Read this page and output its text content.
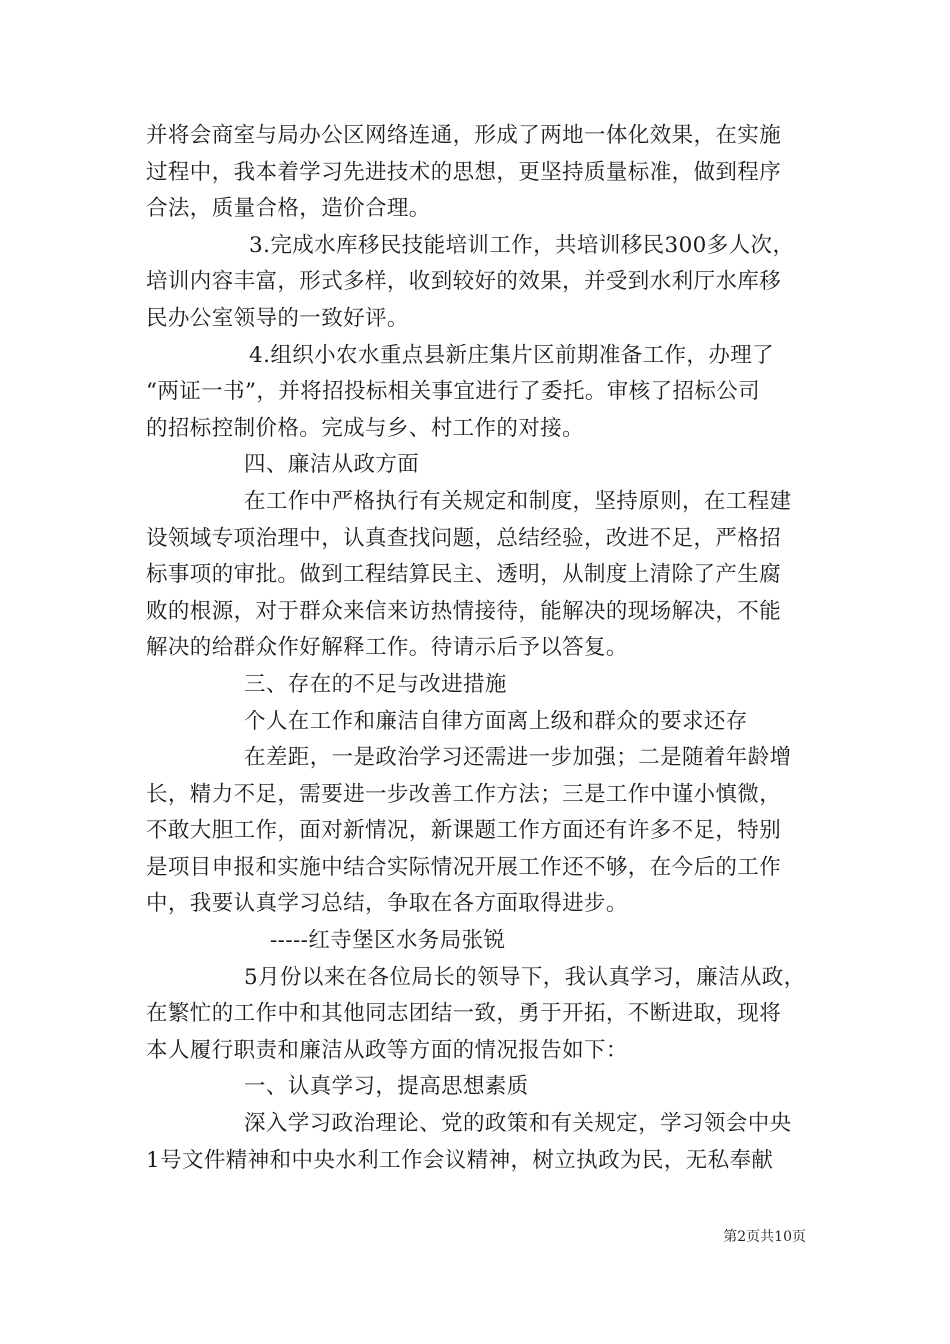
并将会商室与局办公区网络连通，形成了两地一体化效果，在实施
过程中，我本着学习先进技术的思想，更坚持质量标准，做到程序
合法，质量合格，造价合理。
3.完成水库移民技能培训工作，共培训移民300多人次，
培训内容丰富，形式多样，收到较好的效果，并受到水利厅水库移
民办公室领导的一致好评。
4.组织小农水重点县新庄集片区前期准备工作，办理了
“两证一书”，并将招投标相关事宜进行了委托。审核了招标公司
的招标控制价格。完成与乡、村工作的对接。
四、廉洁从政方面
在工作中严格执行有关规定和制度，坚持原则，在工程建
设领域专项治理中，认真查找问题，总结经验，改进不足，严格招
标事项的审批。做到工程结算民主、透明，从制度上清除了产生腐
败的根源，对于群众来信来访热情接待，能解决的现场解决，不能
解决的给群众作好解释工作。待请示后予以答复。
三、存在的不足与改进措施
个人在工作和廉洁自律方面离上级和群众的要求还存
在差距，一是政治学习还需进一步加强；二是随着年龄增
长，精力不足，需要进一步改善工作方法；三是工作中谨小慎微，
不敢大胆工作，面对新情况，新课题工作方面还有许多不足，特别
是项目申报和实施中结合实际情况开展工作还不够，在今后的工作
中，我要认真学习总结，争取在各方面取得进步。
-----红寺堡区水务局张锐
5月份以来在各位局长的领导下，我认真学习，廉洁从政，
在繁忙的工作中和其他同志团结一致，勇于开拓，不断进取，现将
本人履行职责和廉洁从政等方面的情况报告如下：
一、认真学习，提高思想素质
深入学习政治理论、党的政策和有关规定，学习领会中央
1号文件精神和中央水利工作会议精神，树立执政为民，无私奉献
第2页共10页
